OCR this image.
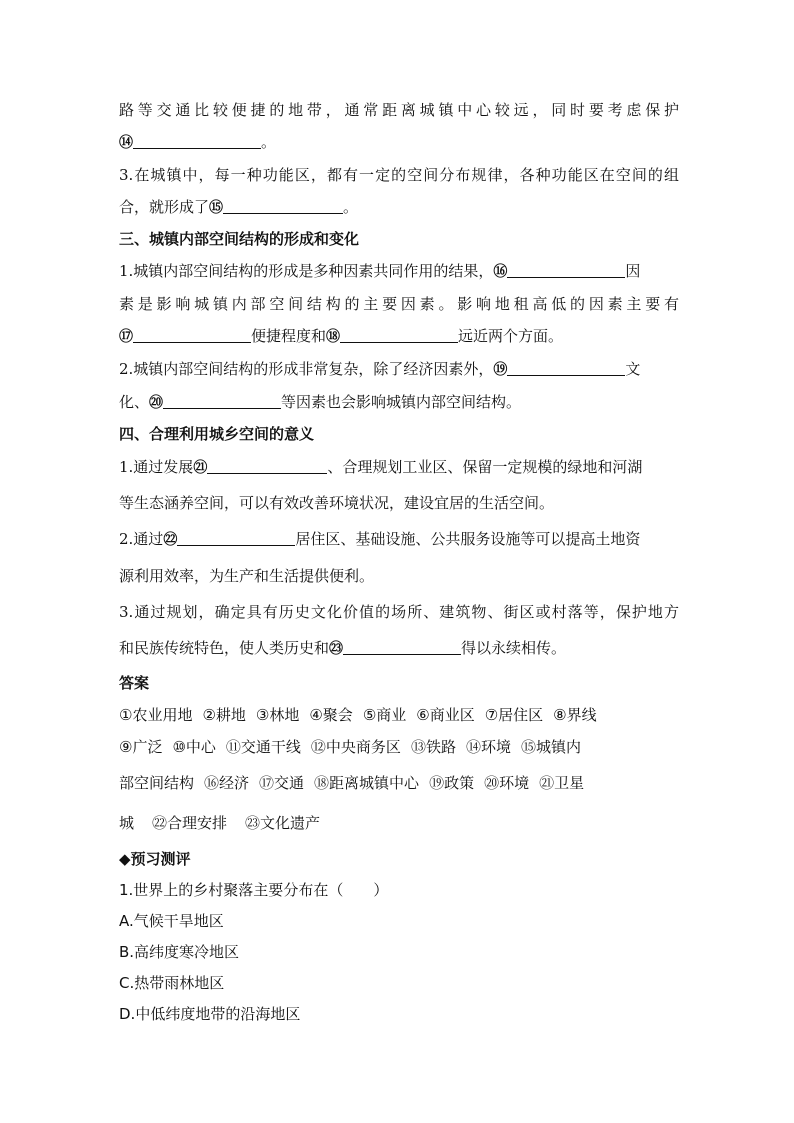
路等交通比较便捷的地带，通常距离城镇中心较远，同时要考虑保护

⑭	。

3.在城镇中，每一种功能区，都有一定的空间分布规律，各种功能区在空间的组

合，就形成了⑮	。

三、城镇内部空间结构的形成和变化

1.城镇内部空间结构的形成是多种因素共同作用的结果，⑯	因

素是影响城镇内部空间结构的主要因素。影响地租高低的因素主要有

⑰	便捷程度和⑱	远近两个方面。

2.城镇内部空间结构的形成非常复杂，除了经济因素外，⑲	文

化、⑳	等因素也会影响城镇内部空间结构。

四、合理利用城乡空间的意义

1.通过发展㉑	、合理规划工业区、保留一定规模的绿地和河湖

等生态涵养空间，可以有效改善环境状况，建设宜居的生活空间。

2.通过㉒	居住区、基础设施、公共服务设施等可以提高土地资

源利用效率，为生产和生活提供便利。

3.通过规划，确定具有历史文化价值的场所、建筑物、街区或村落等，保护地方

和民族传统特色，使人类历史和㉓	得以永续相传。

答案

①农业用地 ②耕地 ③林地 ④聚会 ⑤商业 ⑥商业区 ⑦居住区 ⑧界线

⑨广泛 ⑩中心 ⑪交通干线 ⑫中央商务区 ⑬铁路 ⑭环境 ⑮城镇内

部空间结构 ⑯经济 ⑰交通 ⑱距离城镇中心 ⑲政策 ⑳环境 ㉑卫星

城 ㉒合理安排 ㉓文化遗产

◆预习测评

1.世界上的乡村聚落主要分布在（　　）

A.气候干旱地区

B.高纬度寒冷地区

C.热带雨林地区

D.中低纬度地带的沿海地区
